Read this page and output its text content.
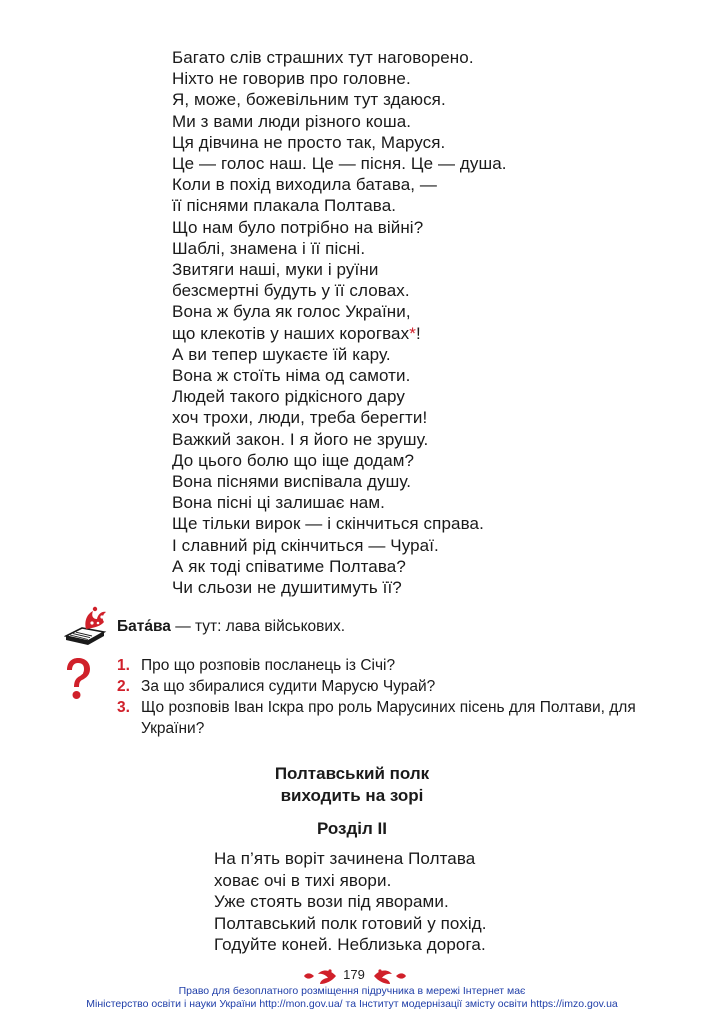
Багато слів страшних тут наговорено.
Ніхто не говорив про головне.
Я, може, божевільним тут здаюся.
Ми з вами люди різного коша.
Ця дівчина не просто так, Маруся.
Це — голос наш. Це — пісня. Це — душа.
Коли в похід виходила батава, —
її піснями плакала Полтава.
Що нам було потрібно на війні?
Шаблі, знамена і її пісні.
Звитяги наші, муки і руїни
безсмертні будуть у її словах.
Вона ж була як голос України,
що клекотів у наших корогвах*!
А ви тепер шукаєте їй кару.
Вона ж стоїть німа од самоти.
Людей такого рідкісного дару
хоч трохи, люди, треба берегти!
Важкий закон. І я його не зрушу.
До цього болю що іще додам?
Вона піснями виспівала душу.
Вона пісні ці залишає нам.
Ще тільки вирок — і скінчиться справа.
І славний рід скінчиться — Чураї.
А як тоді співатиме Полтава?
Чи сльози не душитимуть її?
Бата́ва — тут: лава військових.
1. Про що розповів посланець із Січі?
2. За що збиралися судити Марусю Чурай?
3. Що розповів Іван Іскра про роль Марусиних пісень для Полтави, для України?
Полтавський полк
виходить на зорі
Розділ ІІ
На п’ять воріт зачинена Полтава
ховає очі в тихі явори.
Уже стоять вози під яворами.
Полтавський полк готовий у похід.
Годуйте коней. Неблизька дорога.
179
Право для безоплатного розміщення підручника в мережі Інтернет має
Міністерство освіти і науки України http://mon.gov.ua/ та Інститут модернізації змісту освіти https://imzo.gov.ua
